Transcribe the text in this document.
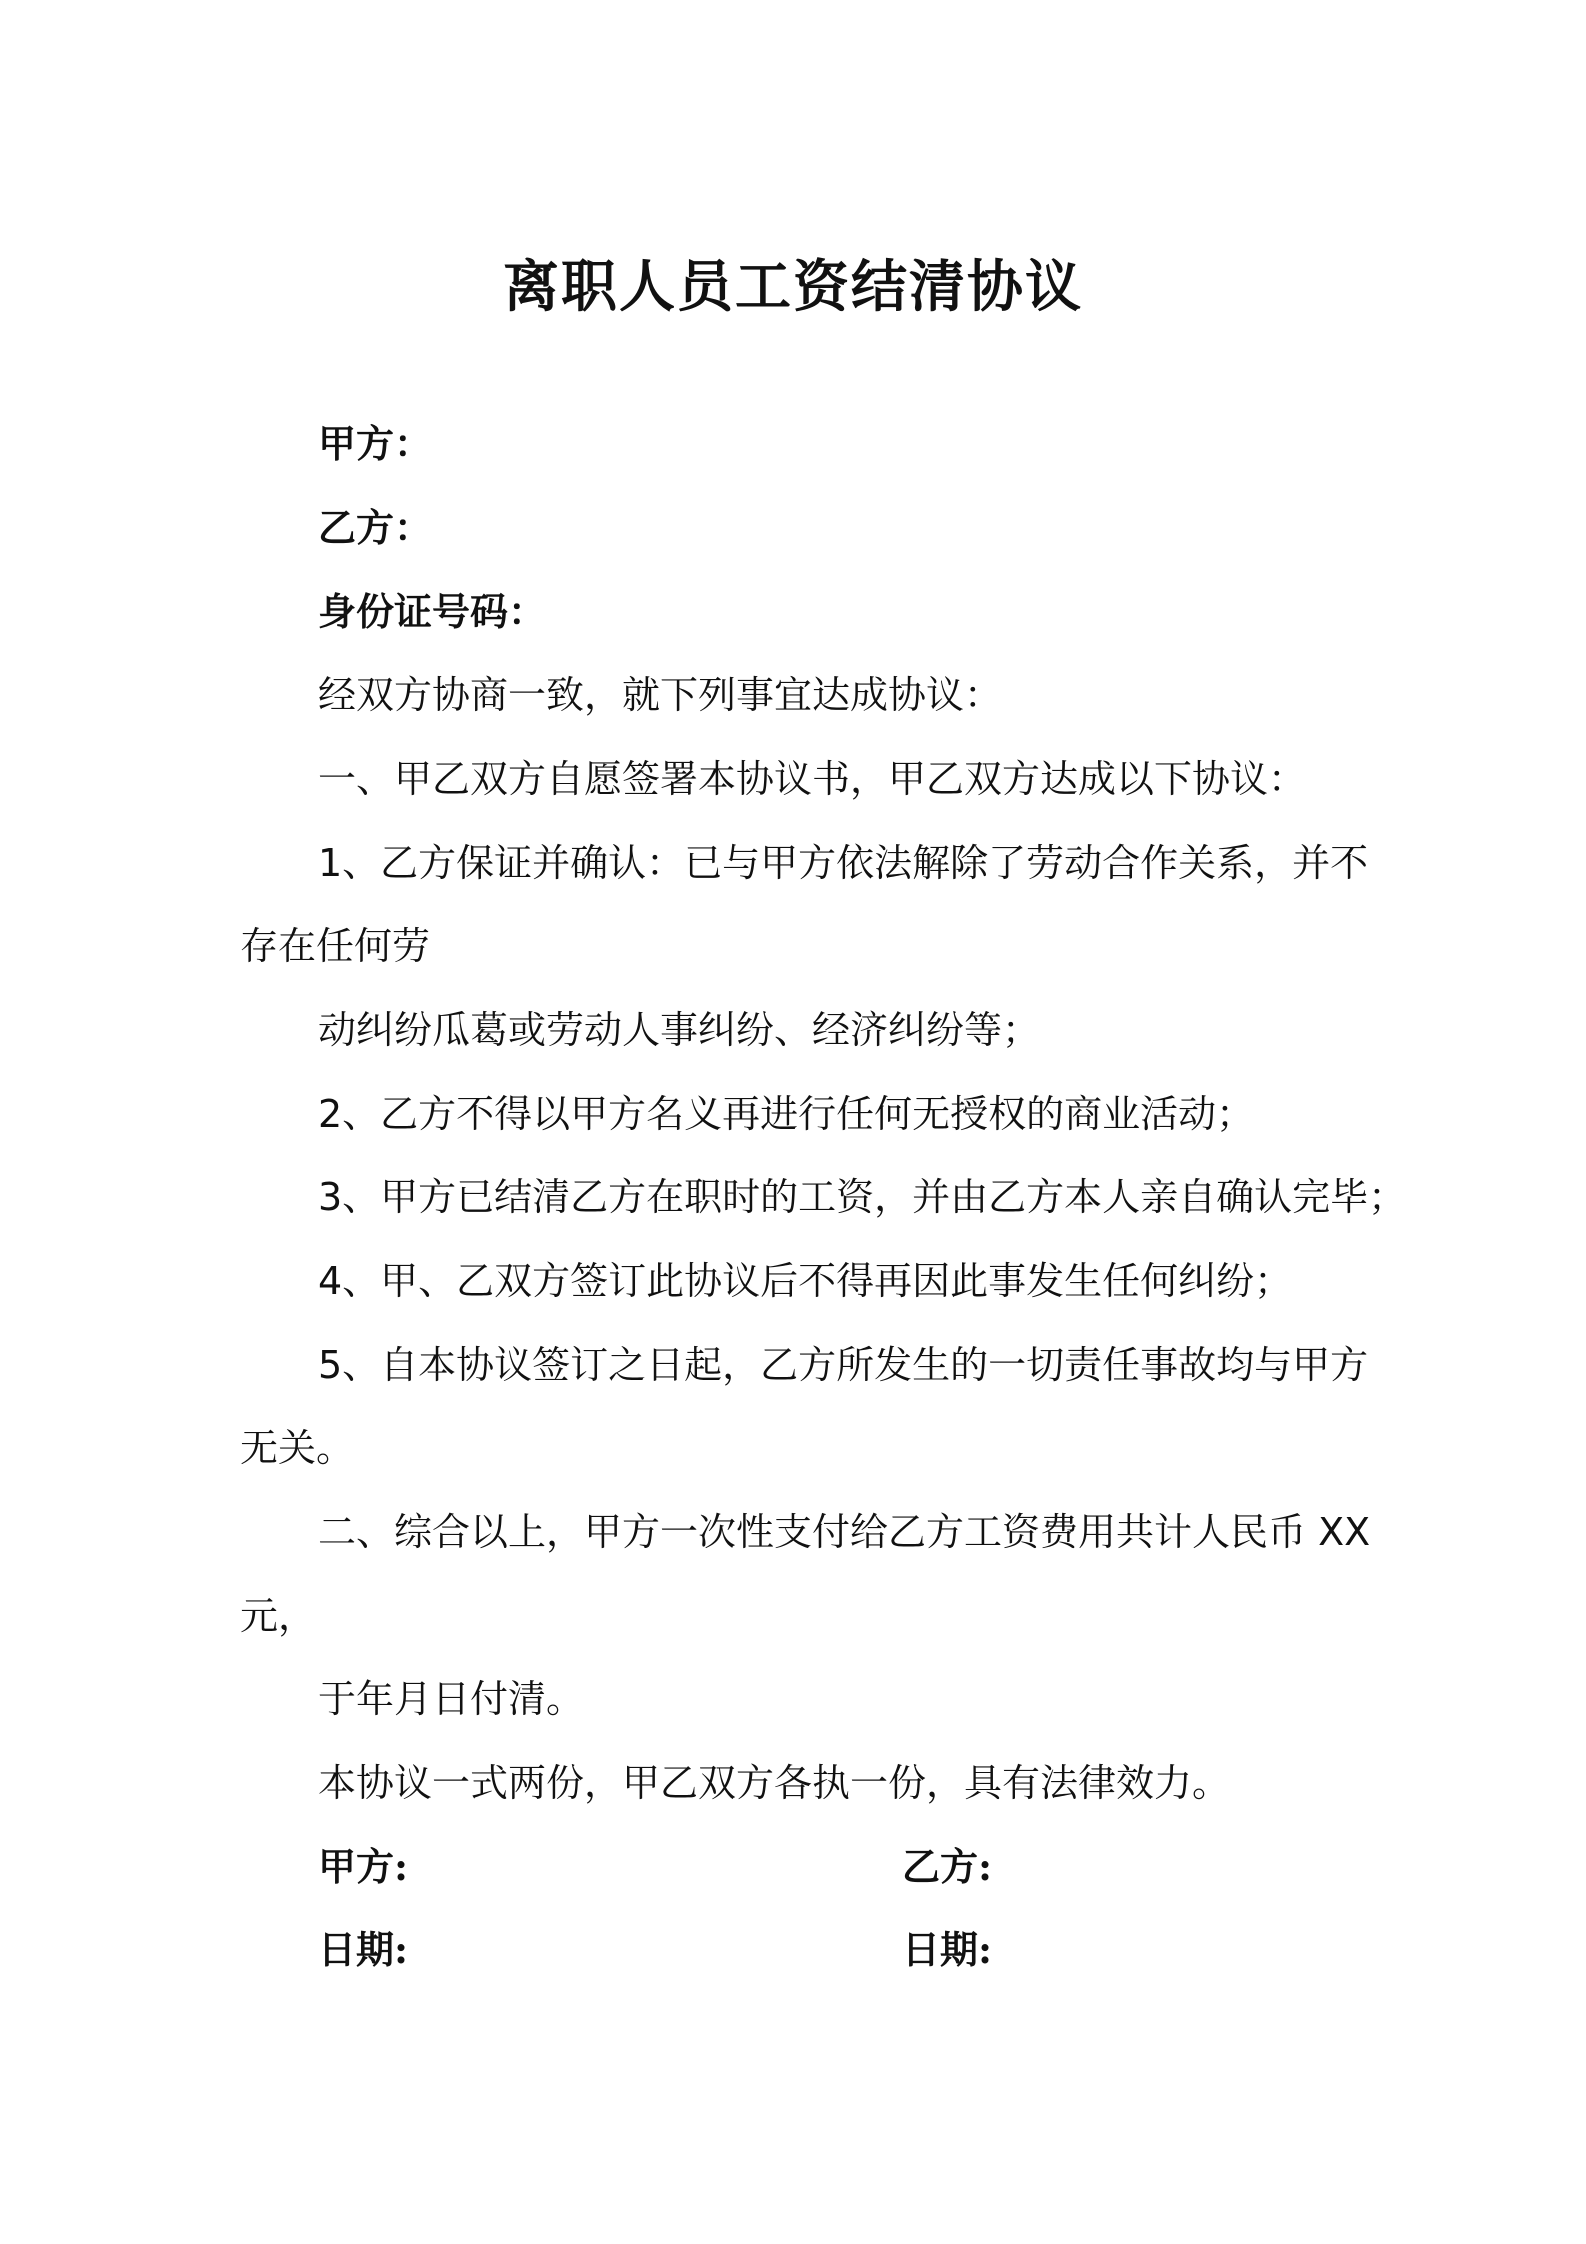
离职人员工资结清协议
甲方：
乙方：
身份证号码：
经双方协商一致，就下列事宜达成协议：
一、甲乙双方自愿签署本协议书，甲乙双方达成以下协议：
1、乙方保证并确认：已与甲方依法解除了劳动合作关系，并不
存在任何劳
动纠纷瓜葛或劳动人事纠纷、经济纠纷等；
2、乙方不得以甲方名义再进行任何无授权的商业活动；
3、甲方已结清乙方在职时的工资，并由乙方本人亲自确认完毕；
4、甲、乙双方签订此协议后不得再因此事发生任何纠纷；
5、自本协议签订之日起，乙方所发生的一切责任事故均与甲方
无关。
二、综合以上，甲方一次性支付给乙方工资费用共计人民币 XX
元，
于年月日付清。
本协议一式两份，甲乙双方各执一份，具有法律效力。
甲方:	乙方:
日期:	日期:
